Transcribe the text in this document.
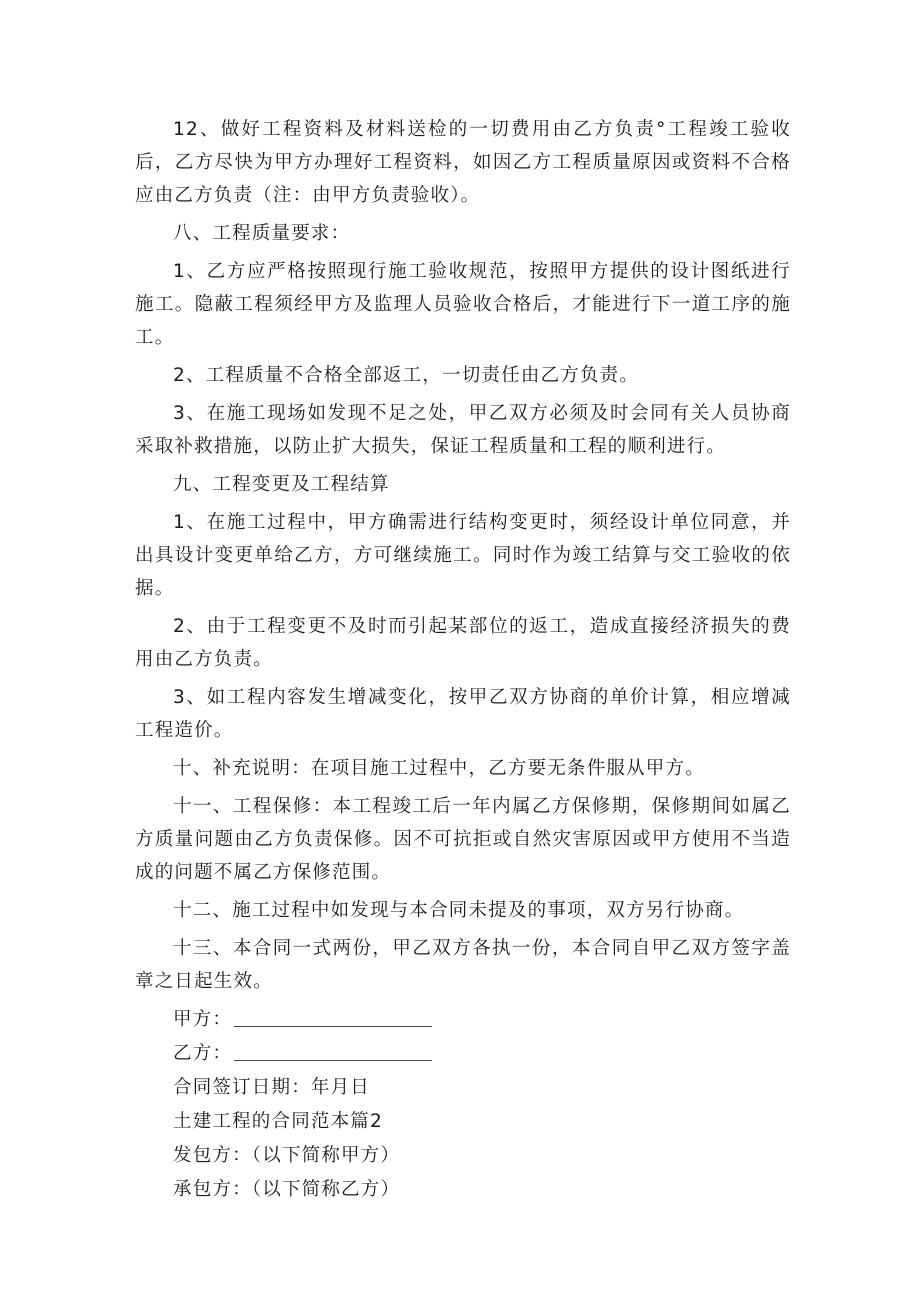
12、做好工程资料及材料送检的一切费用由乙方负责°工程竣工验收后，乙方尽快为甲方办理好工程资料，如因乙方工程质量原因或资料不合格应由乙方负责（注：由甲方负责验收）。

八、工程质量要求：

1、乙方应严格按照现行施工验收规范，按照甲方提供的设计图纸进行施工。隐蔽工程须经甲方及监理人员验收合格后，才能进行下一道工序的施工。

2、工程质量不合格全部返工，一切责任由乙方负责。

3、在施工现场如发现不足之处，甲乙双方必须及时会同有关人员协商采取补救措施，以防止扩大损失，保证工程质量和工程的顺利进行。

九、工程变更及工程结算

1、在施工过程中，甲方确需进行结构变更时，须经设计单位同意，并出具设计变更单给乙方，方可继续施工。同时作为竣工结算与交工验收的依据。

2、由于工程变更不及时而引起某部位的返工，造成直接经济损失的费用由乙方负责。

3、如工程内容发生增减变化，按甲乙双方协商的单价计算，相应增减工程造价。

十、补充说明：在项目施工过程中，乙方要无条件服从甲方。

十一、工程保修：本工程竣工后一年内属乙方保修期，保修期间如属乙方质量问题由乙方负责保修。因不可抗拒或自然灾害原因或甲方使用不当造成的问题不属乙方保修范围。

十二、施工过程中如发现与本合同未提及的事项，双方另行协商。

十三、本合同一式两份，甲乙双方各执一份，本合同自甲乙双方签字盖章之日起生效。

甲方：
乙方：
合同签订日期：年月日
土建工程的合同范本篇2
发包方：（以下简称甲方）
承包方：（以下简称乙方）
